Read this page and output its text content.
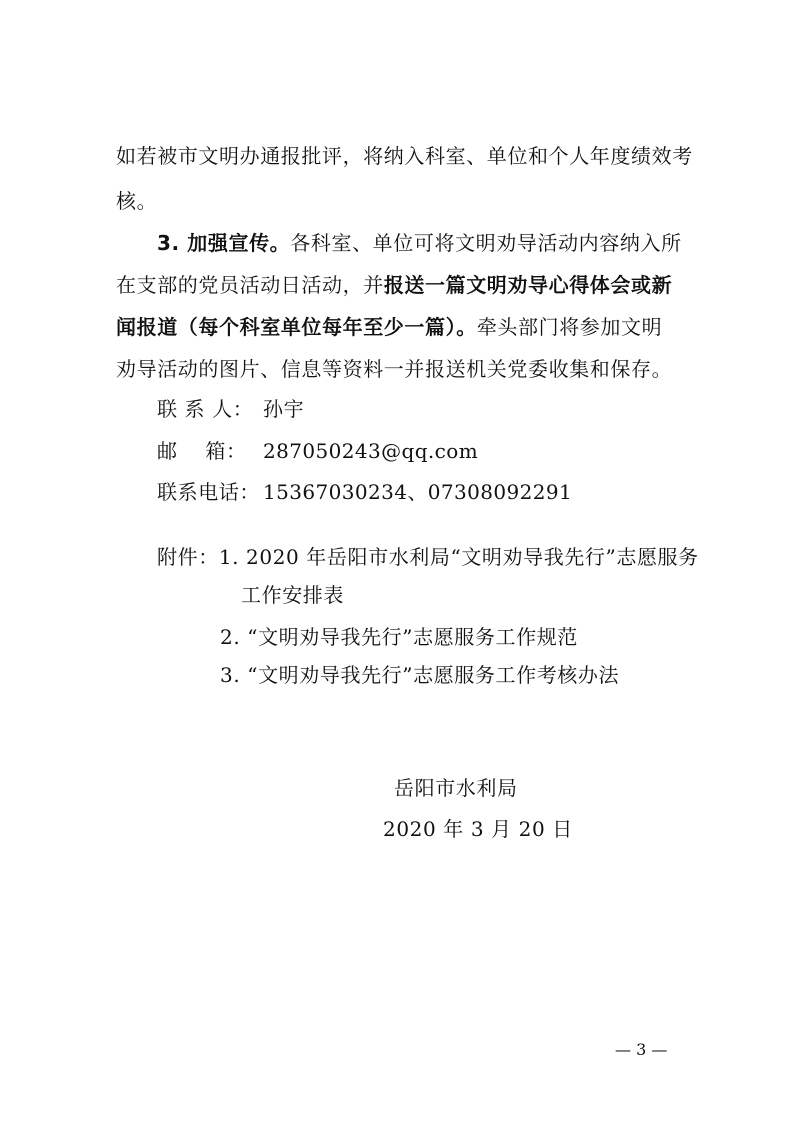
如若被市文明办通报批评，将纳入科室、单位和个人年度绩效考
核。
3. 加强宣传。各科室、单位可将文明劝导活动内容纳入所
在支部的党员活动日活动，并报送一篇文明劝导心得体会或新
闻报道（每个科室单位每年至少一篇）。牵头部门将参加文明
劝导活动的图片、信息等资料一并报送机关党委收集和保存。
联 系 人： 孙宇
邮    箱： 287050243@qq.com
联系电话： 15367030234、07308092291
附件：1. 2020 年岳阳市水利局“文明劝导我先行”志愿服务
工作安排表
2. “文明劝导我先行”志愿服务工作规范
3. “文明劝导我先行”志愿服务工作考核办法
岳阳市水利局
2020 年 3 月 20 日
— 3 —
